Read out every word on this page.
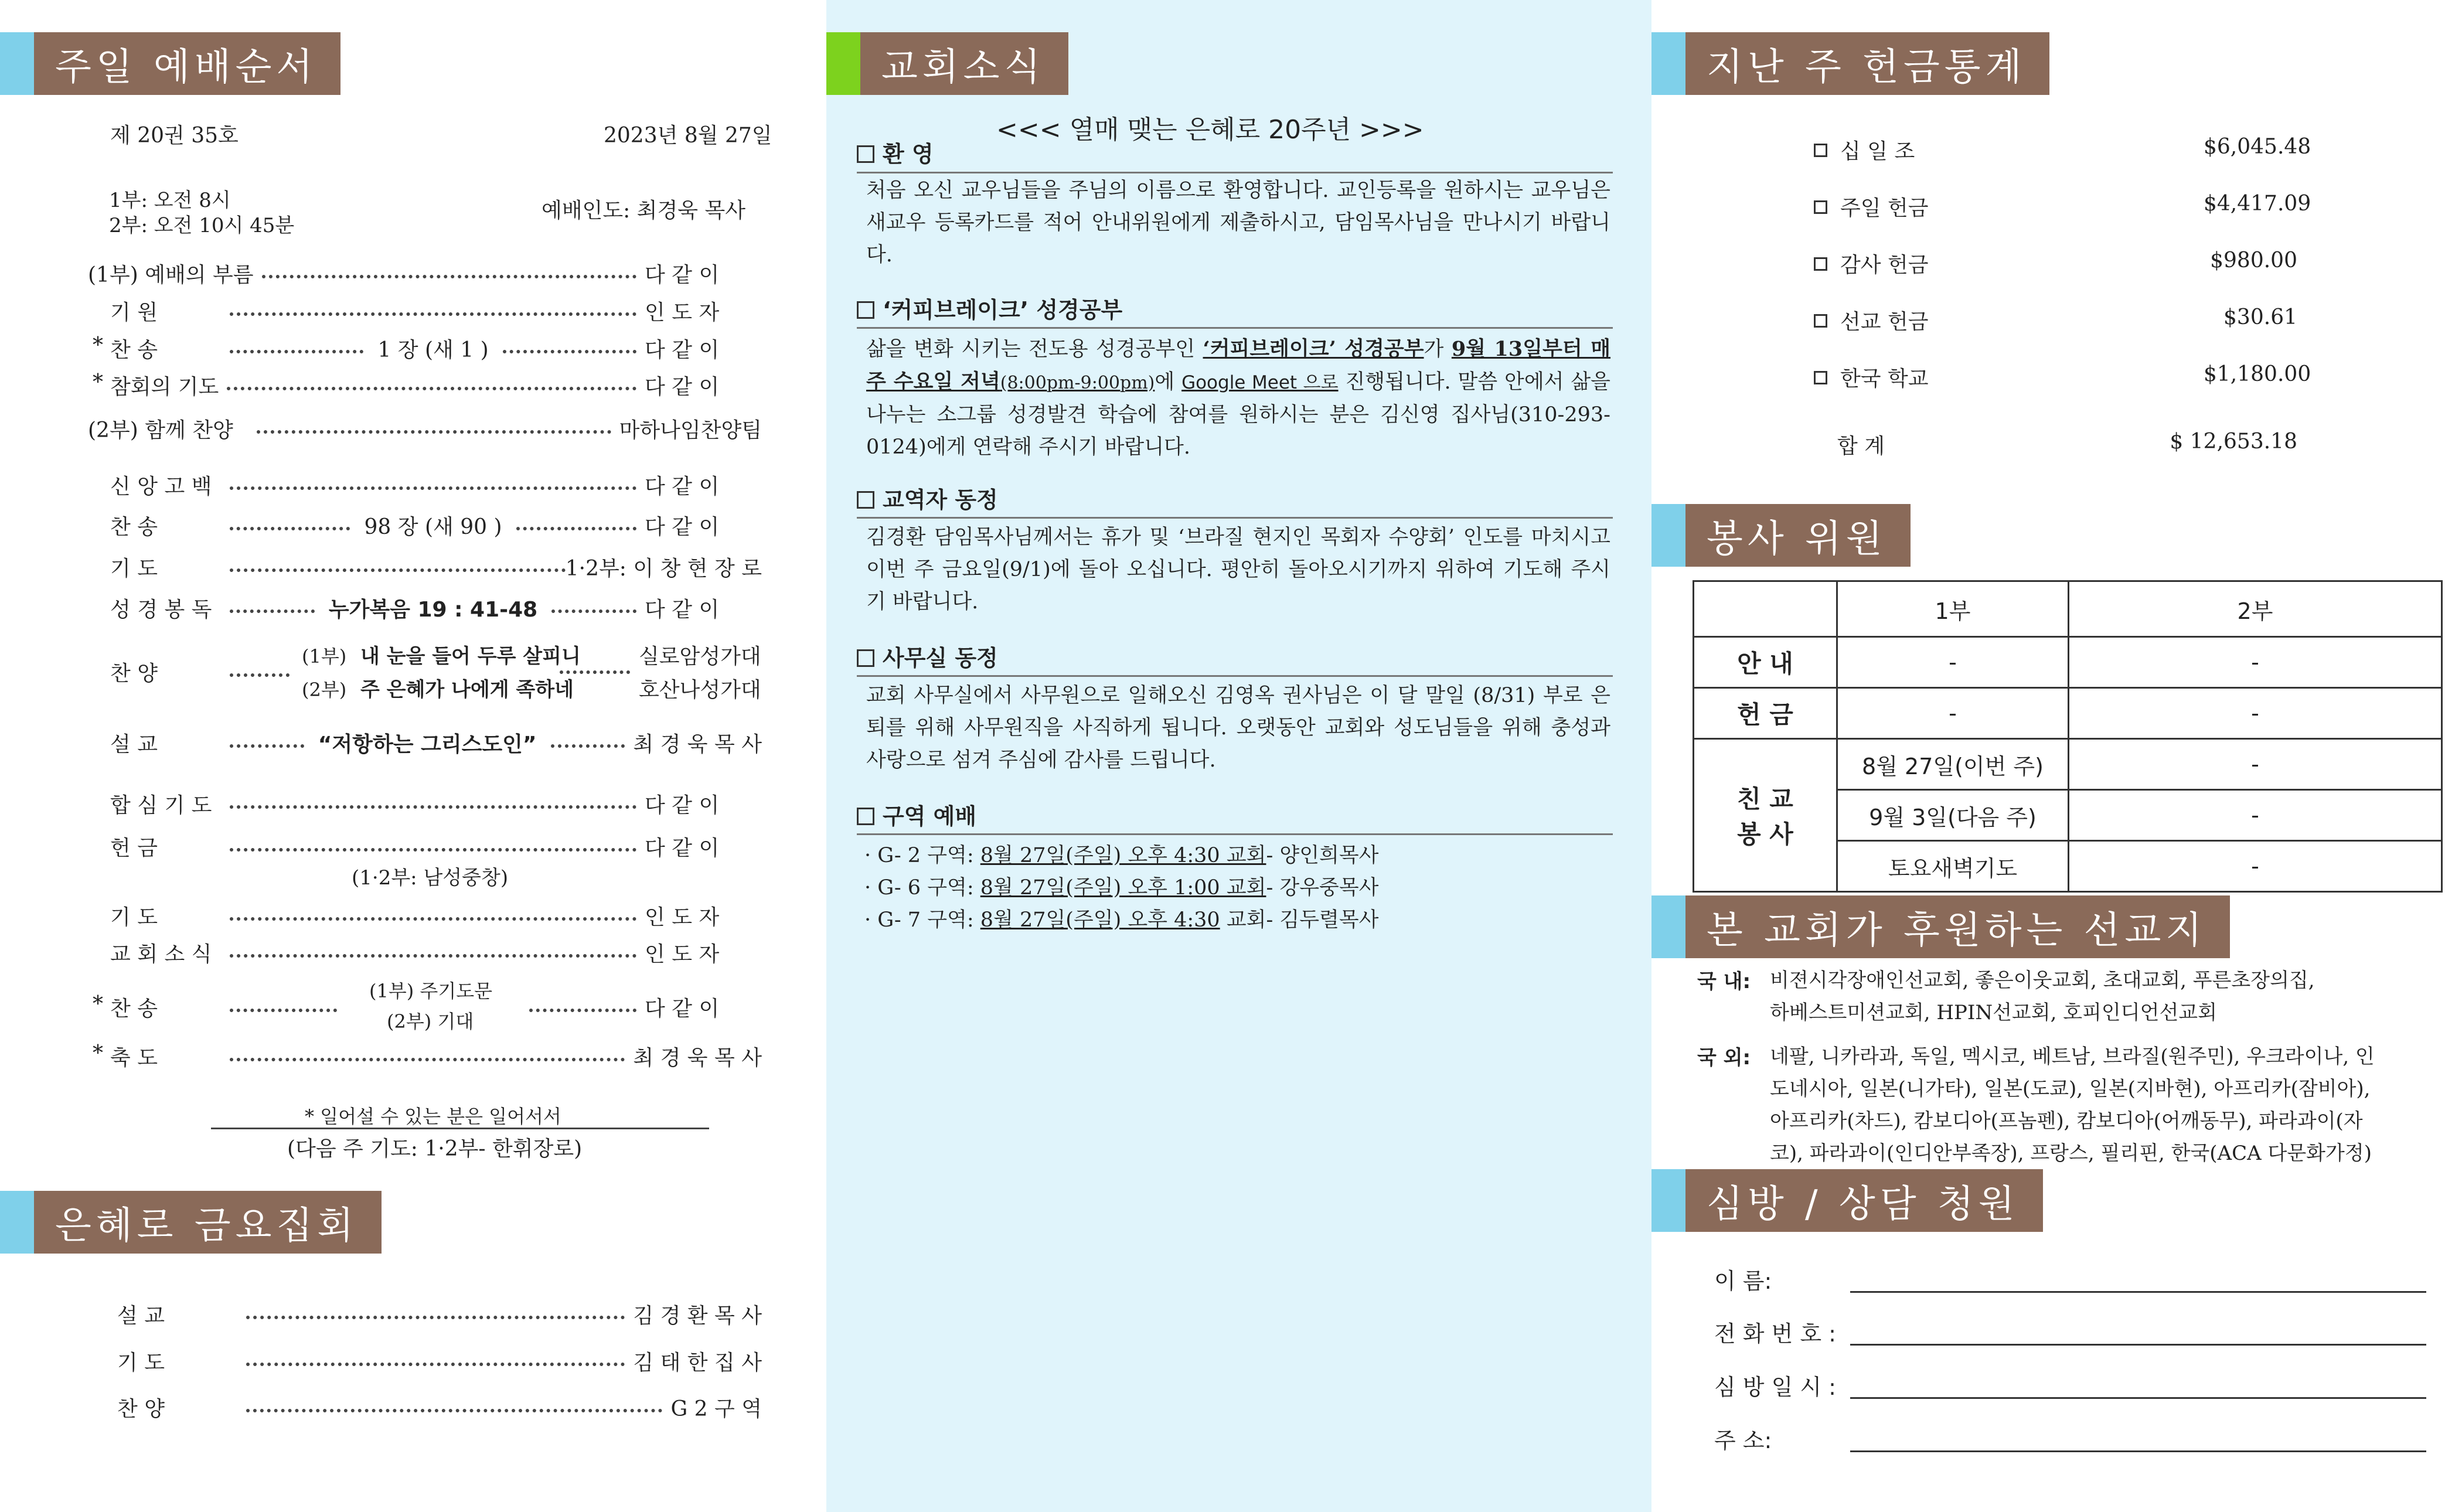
주일 예배순서
제 20권 35호	2023년 8월 27일
1부: 오전 8시
2부: 오전 10시 45분
예배인도: 최경욱 목사
(1부) 예배의 부름	다 같 이
기 원	인 도 자
* 찬 송	1 장 (새 1 )	다 같 이
* 참회의 기도	다 같 이
(2부) 함께 찬양	마하나임찬양팀
신 앙 고 백	다 같 이
찬 송	98 장 (새 90 )	다 같 이
기 도	1·2부: 이 창 현 장 로
성 경 봉 독	누가복음 19 : 41-48	다 같 이
찬 양
(1부) 내 눈을 들어 두루 살피니	실로암성가대
(2부) 주 은혜가 나에게 족하네	호산나성가대
설 교	“저항하는 그리스도인”	최 경 욱 목 사
합 심 기 도	다 같 이
헌 금	다 같 이
(1·2부: 남성중창)
기 도	인 도 자
교 회 소 식	인 도 자
* 찬 송	다 같 이
(1부) 주기도문
(2부) 기대
* 축 도	최 경 욱 목 사
* 일어설 수 있는 분은 일어서서
(다음 주 기도: 1·2부- 한휘장로)
은혜로 금요집회
설 교	김 경 환 목 사
기 도	김 태 한 집 사
찬 양	G 2 구 역
교회소식
<<< 열매 맺는 은혜로 20주년 >>>
환 영
처음 오신 교우님들을 주님의 이름으로 환영합니다. 교인등록을 원하시는 교우님은 새교우 등록카드를 적어 안내위원에게 제출하시고, 담임목사님을 만나시기 바랍니다.
‘커피브레이크’ 성경공부
삶을 변화 시키는 전도용 성경공부인 ‘커피브레이크’ 성경공부가 9월 13일부터 매주 수요일 저녁(8:00pm-9:00pm)에 Google Meet 으로 진행됩니다. 말씀 안에서 삶을 나누는 소그룹 성경발견 학습에 참여를 원하시는 분은 김신영 집사님(310-293-0124)에게 연락해 주시기 바랍니다.
교역자 동정
김경환 담임목사님께서는 휴가 및 ‘브라질 현지인 목회자 수양회’ 인도를 마치시고 이번 주 금요일(9/1)에 돌아 오십니다. 평안히 돌아오시기까지 위하여 기도해 주시기 바랍니다.
사무실 동정
교회 사무실에서 사무원으로 일해오신 김영옥 권사님은 이 달 말일 (8/31) 부로 은퇴를 위해 사무원직을 사직하게 됩니다. 오랫동안 교회와 성도님들을 위해 충성과 사랑으로 섬겨 주심에 감사를 드립니다.
구역 예배
· G- 2 구역: 8월 27일(주일) 오후 4:30 교회- 양인희목사
· G- 6 구역: 8월 27일(주일) 오후 1:00 교회- 강우중목사
· G- 7 구역: 8월 27일(주일) 오후 4:30 교회- 김두렬목사
지난 주 헌금통계
십 일 조	$6,045.48
주일 헌금	$4,417.09
감사 헌금	$980.00
선교 헌금	$30.61
한국 학교	$1,180.00
합 계	$ 12,653.18
봉사 위원
	1부	2부
안 내	-	-
헌 금	-	-

친 교
봉 사	8월 27일(이번 주)	-
	9월 3일(다음 주)	-
	토요새벽기도	-
본 교회가 후원하는 선교지
국 내: 비젼시각장애인선교회, 좋은이웃교회, 초대교회, 푸른초장의집,
하베스트미션교회, HPIN선교회, 호피인디언선교회
국 외: 네팔, 니카라과, 독일, 멕시코, 베트남, 브라질(원주민), 우크라이나, 인
도네시아, 일본(니가타), 일본(도쿄), 일본(지바현), 아프리카(잠비아),
아프리카(차드), 캄보디아(프놈펜), 캄보디아(어깨동무), 파라과이(자
코), 파라과이(인디안부족장), 프랑스, 필리핀, 한국(ACA 다문화가정)
심방 / 상담 청원
이 름:
전 화 번 호 :
심 방 일 시 :
주 소:
